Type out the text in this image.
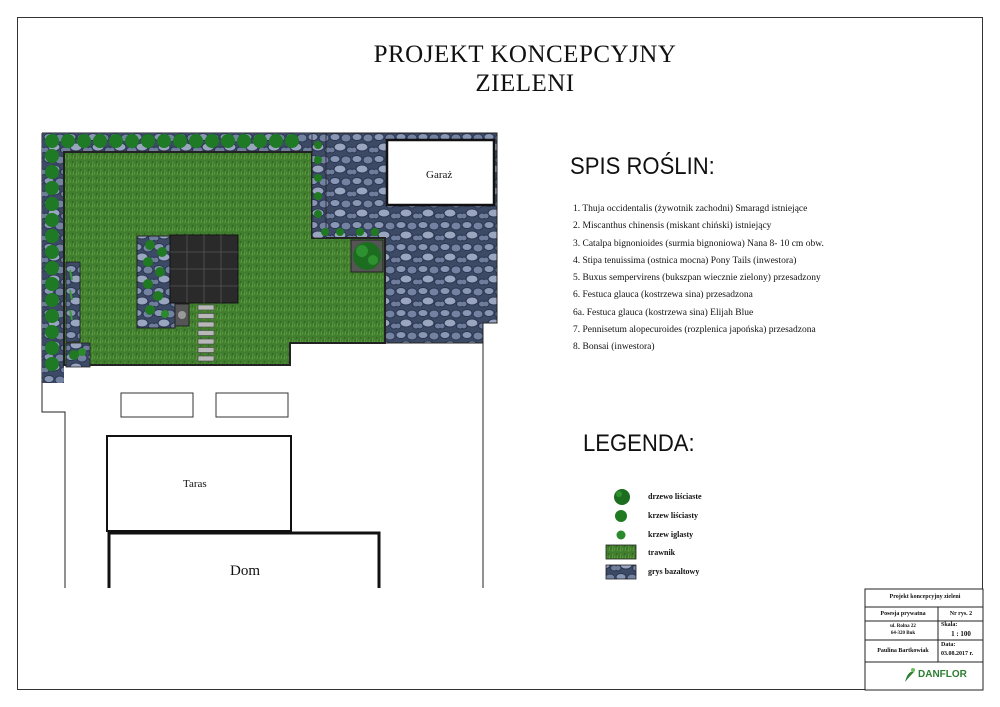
PROJEKT KONCEPCYJNY
ZIELENI
Garaż
Taras
Dom
SPIS ROŚLIN:
1. Thuja occidentalis (żywotnik zachodni) Smaragd istniejące
2. Miscanthus chinensis (miskant chiński) istniejący
3. Catalpa bignonioides (surmia bignoniowa) Nana 8- 10 cm obw.
4. Stipa tenuissima (ostnica mocna) Pony Tails (inwestora)
5. Buxus sempervirens (bukszpan wiecznie zielony) przesadzony
6. Festuca glauca (kostrzewa sina) przesadzona
6a. Festuca glauca (kostrzewa sina) Elijah Blue
7. Pennisetum alopecuroides (rozplenica japońska) przesadzona
8. Bonsai (inwestora)
LEGENDA:
drzewo liściaste
krzew liściasty
krzew iglasty
trawnik
grys bazaltowy
Projekt koncepcyjny zieleni
Posesja prywatna	Nr rys. 2
ul. Rolna 22
64-320 Buk
Skala:
1 : 100
Paulina Bartkowiak
Data:
03.08.2017 r.
DANFLOR
